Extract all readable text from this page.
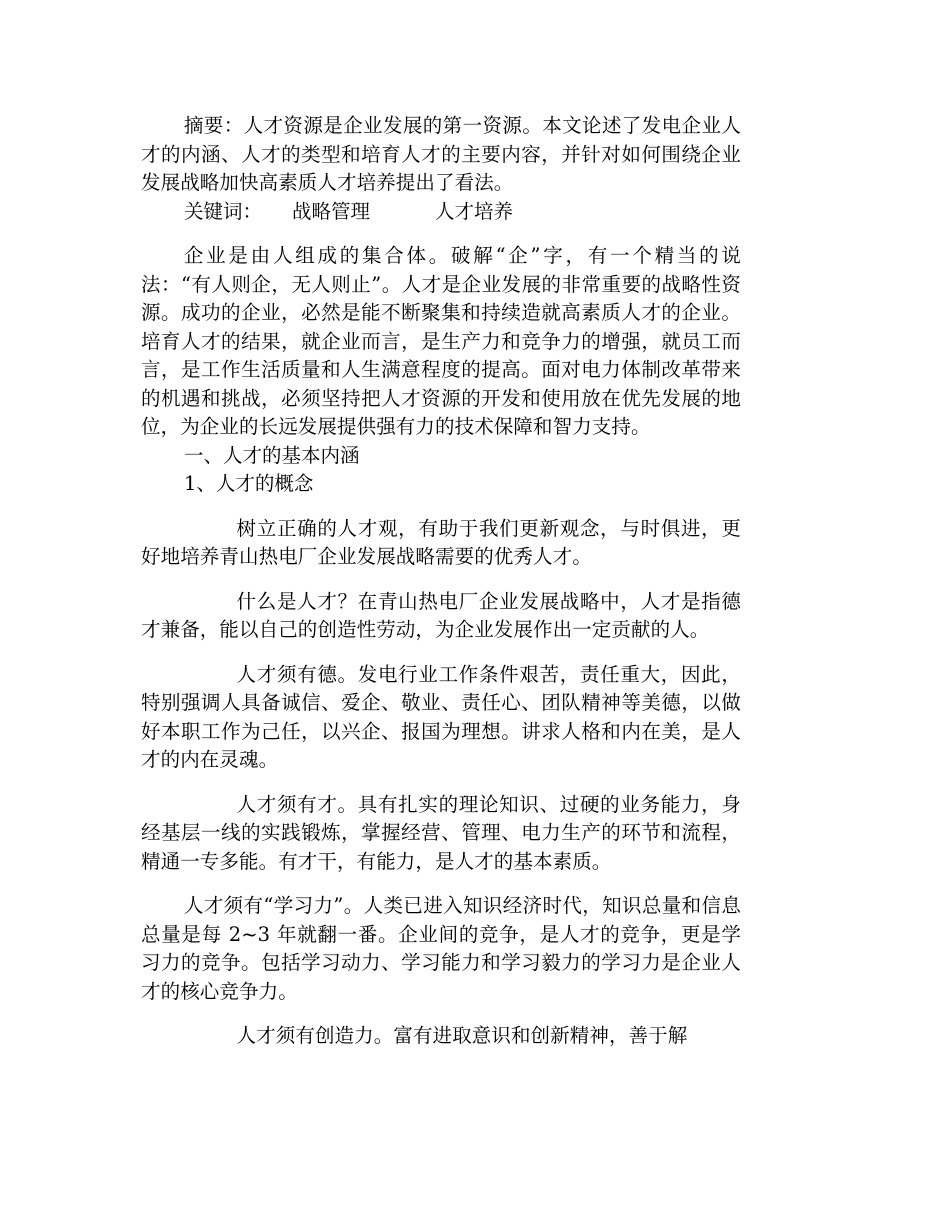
摘要：人才资源是企业发展的第一资源。本文论述了发电企业人才的内涵、人才的类型和培育人才的主要内容，并针对如何围绕企业发展战略加快高素质人才培养提出了看法。

关键词：	战略管理	人才培养

企业是由人组成的集合体。破解“企”字，有一个精当的说法：“有人则企，无人则止”。人才是企业发展的非常重要的战略性资源。成功的企业，必然是能不断聚集和持续造就高素质人才的企业。培育人才的结果，就企业而言，是生产力和竞争力的增强，就员工而言，是工作生活质量和人生满意程度的提高。面对电力体制改革带来的机遇和挑战，必须坚持把人才资源的开发和使用放在优先发展的地位，为企业的长远发展提供强有力的技术保障和智力支持。

一、人才的基本内涵

1、人才的概念

树立正确的人才观，有助于我们更新观念，与时俱进，更好地培养青山热电厂企业发展战略需要的优秀人才。

什么是人才？在青山热电厂企业发展战略中，人才是指德才兼备，能以自己的创造性劳动，为企业发展作出一定贡献的人。

人才须有德。发电行业工作条件艰苦，责任重大，因此，特别强调人具备诚信、爱企、敬业、责任心、团队精神等美德，以做好本职工作为己任，以兴企、报国为理想。讲求人格和内在美，是人才的内在灵魂。

人才须有才。具有扎实的理论知识、过硬的业务能力，身经基层一线的实践锻炼，掌握经营、管理、电力生产的环节和流程，精通一专多能。有才干，有能力，是人才的基本素质。

人才须有“学习力”。人类已进入知识经济时代，知识总量和信息总量是每 2~3 年就翻一番。企业间的竞争，是人才的竞争，更是学习力的竞争。包括学习动力、学习能力和学习毅力的学习力是企业人才的核心竞争力。

人才须有创造力。富有进取意识和创新精神，善于解
